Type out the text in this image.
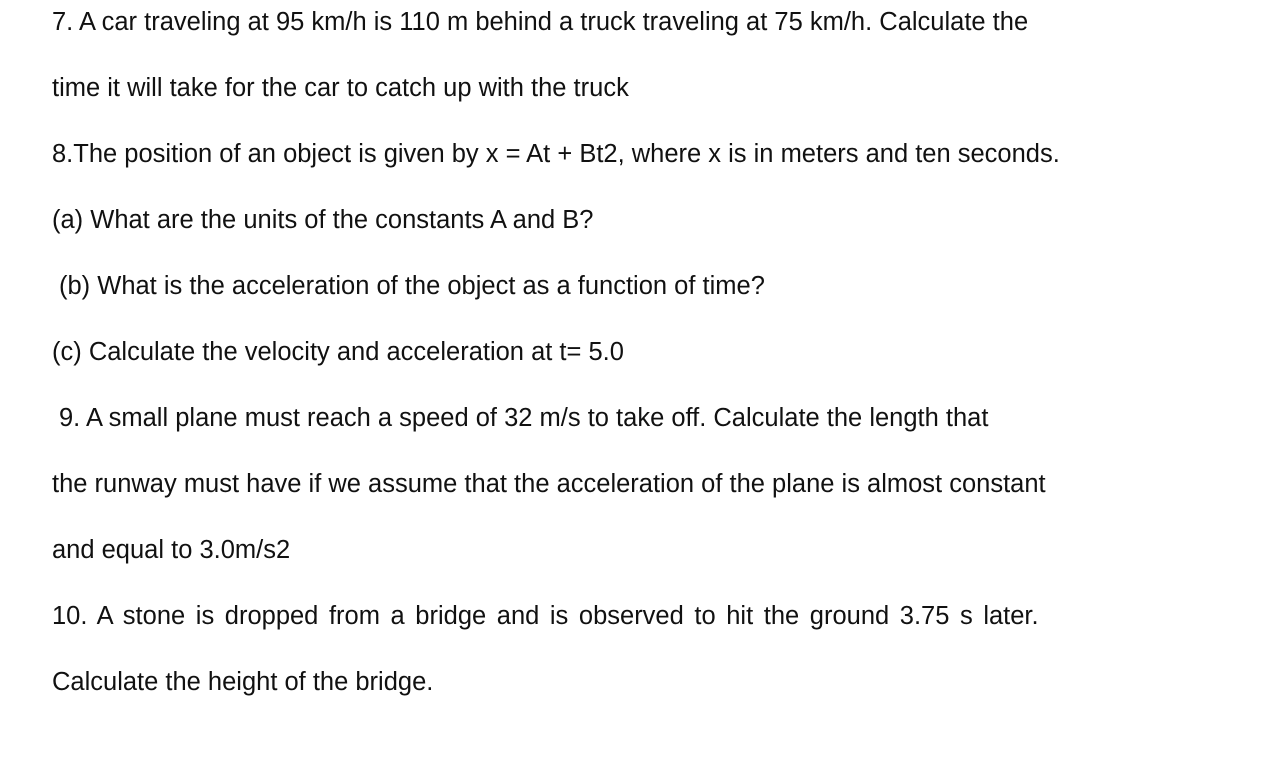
7. A car traveling at 95 km/h is 110 m behind a truck traveling at 75 km/h. Calculate the
time it will take for the car to catch up with the truck
8.The position of an object is given by x = At + Bt2, where x is in meters and ten seconds.
(a) What are the units of the constants A and B?
(b) What is the acceleration of the object as a function of time?
(c) Calculate the velocity and acceleration at t= 5.0
9. A small plane must reach a speed of 32 m/s to take off. Calculate the length that
the runway must have if we assume that the acceleration of the plane is almost constant
and equal to 3.0m/s2
10. A stone is dropped from a bridge and is observed to hit the ground 3.75 s later.
Calculate the height of the bridge.
